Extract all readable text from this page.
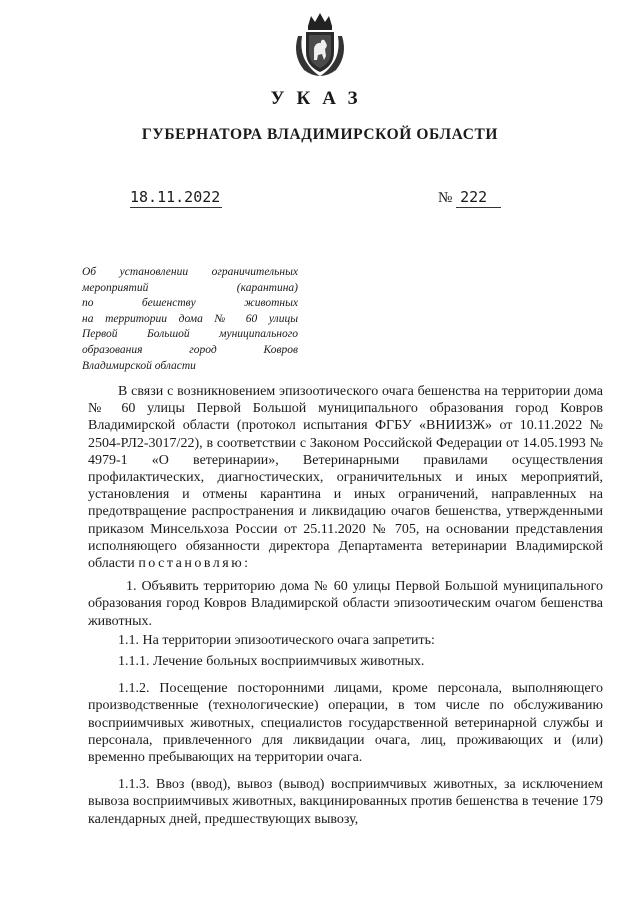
УКАЗ
ГУБЕРНАТОРА ВЛАДИМИРСКОЙ ОБЛАСТИ
18.11.2022	№ 222
Об установлении ограничительных
мероприятий (карантина)
по бешенству животных
на территории дома № 60 улицы
Первой Большой муниципального
образования город Ковров
Владимирской области

В связи с возникновением эпизоотического очага бешенства на территории дома № 60 улицы Первой Большой муниципального образования город Ковров Владимирской области (протокол испытания ФГБУ «ВНИИЗЖ» от 10.11.2022 № 2504-РЛ2-3017/22), в соответствии с Законом Российской Федерации от 14.05.1993 № 4979-1 «О ветеринарии», Ветеринарными правилами осуществления профилактических, диагностических, ограничительных и иных мероприятий, установления и отмены карантина и иных ограничений, направленных на предотвращение распространения и ликвидацию очагов бешенства, утвержденными приказом Минсельхоза России от 25.11.2020 № 705, на основании представления исполняющего обязанности директора Департамента ветеринарии Владимирской области постановляю:

1. Объявить территорию дома № 60 улицы Первой Большой муниципального образования город Ковров Владимирской области эпизоотическим очагом бешенства животных.

1.1. На территории эпизоотического очага запретить:

1.1.1. Лечение больных восприимчивых животных.

1.1.2. Посещение посторонними лицами, кроме персонала, выполняющего производственные (технологические) операции, в том числе по обслуживанию восприимчивых животных, специалистов государственной ветеринарной службы и персонала, привлеченного для ликвидации очага, лиц, проживающих и (или) временно пребывающих на территории очага.

1.1.3. Ввоз (ввод), вывоз (вывод) восприимчивых животных, за исключением вывоза восприимчивых животных, вакцинированных против бешенства в течение 179 календарных дней, предшествующих вывозу,
